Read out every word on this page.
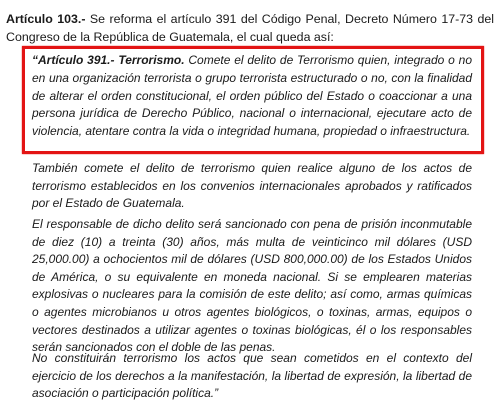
Artículo 103.- Se reforma el artículo 391 del Código Penal, Decreto Número 17-73 del Congreso de la República de Guatemala, el cual queda así:
“Artículo 391.- Terrorismo. Comete el delito de Terrorismo quien, integrado o no en una organización terrorista o grupo terrorista estructurado o no, con la finalidad de alterar el orden constitucional, el orden público del Estado o coaccionar a una persona jurídica de Derecho Público, nacional o internacional, ejecutare acto de violencia, atentare contra la vida o integridad humana, propiedad o infraestructura.

También comete el delito de terrorismo quien realice alguno de los actos de terrorismo establecidos en los convenios internacionales aprobados y ratificados por el Estado de Guatemala.

El responsable de dicho delito será sancionado con pena de prisión inconmutable de diez (10) a treinta (30) años, más multa de veinticinco mil dólares (USD 25,000.00) a ochocientos mil de dólares (USD 800,000.00) de los Estados Unidos de América, o su equivalente en moneda nacional. Si se emplearen materias explosivas o nucleares para la comisión de este delito; así como, armas químicas o agentes microbianos u otros agentes biológicos, o toxinas, armas, equipos o vectores destinados a utilizar agentes o toxinas biológicas, él o los responsables serán sancionados con el doble de las penas.

No constituirán terrorismo los actos que sean cometidos en el contexto del ejercicio de los derechos a la manifestación, la libertad de expresión, la libertad de asociación o participación política.”
